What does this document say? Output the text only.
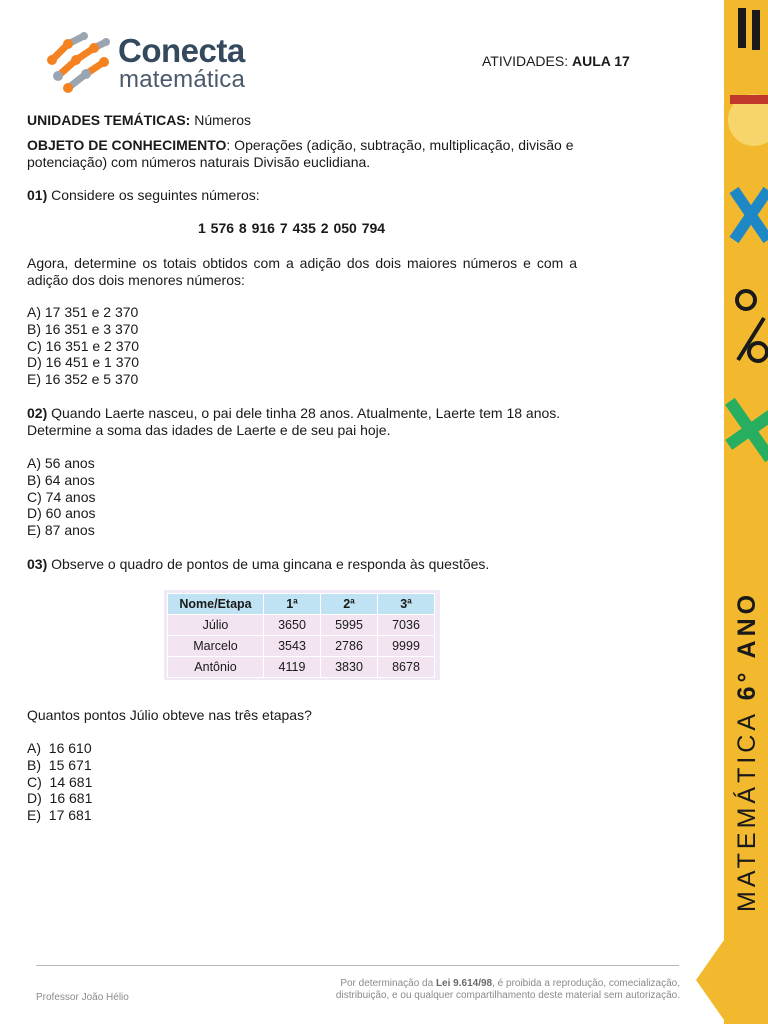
Conecta
matemática
ATIVIDADES: AULA 17
UNIDADES TEMÁTICAS: Números
OBJETO DE CONHECIMENTO: Operações (adição, subtração, multiplicação, divisão e potenciação) com números naturais Divisão euclidiana.
01) Considere os seguintes números:
1 576 8 916 7 435 2 050 794
Agora, determine os totais obtidos com a adição dos dois maiores números e com a adição dos dois menores números:
A) 17 351 e 2 370
B) 16 351 e 3 370
C) 16 351 e 2 370
D) 16 451 e 1 370
E) 16 352 e 5 370
02) Quando Laerte nasceu, o pai dele tinha 28 anos. Atualmente, Laerte tem 18 anos. Determine a soma das idades de Laerte e de seu pai hoje.
A) 56 anos
B) 64 anos
C) 74 anos
D) 60 anos
E) 87 anos
03) Observe o quadro de pontos de uma gincana e responda às questões.
Nome/Etapa	1ª	2ª	3ª
Júlio	3650	5995	7036
Marcelo	3543	2786	9999
Antônio	4119	3830	8678
Quantos pontos Júlio obteve nas três etapas?
A)  16 610
B)  15 671
C)  14 681
D)  16 681
E)  17 681	MATEMÁTICA 6° ANO
Professor João Hélio
Por determinação da Lei 9.614/98, é proibida a reprodução, comecialização,
distribuição, e ou qualquer compartilhamento deste material sem autorização.
